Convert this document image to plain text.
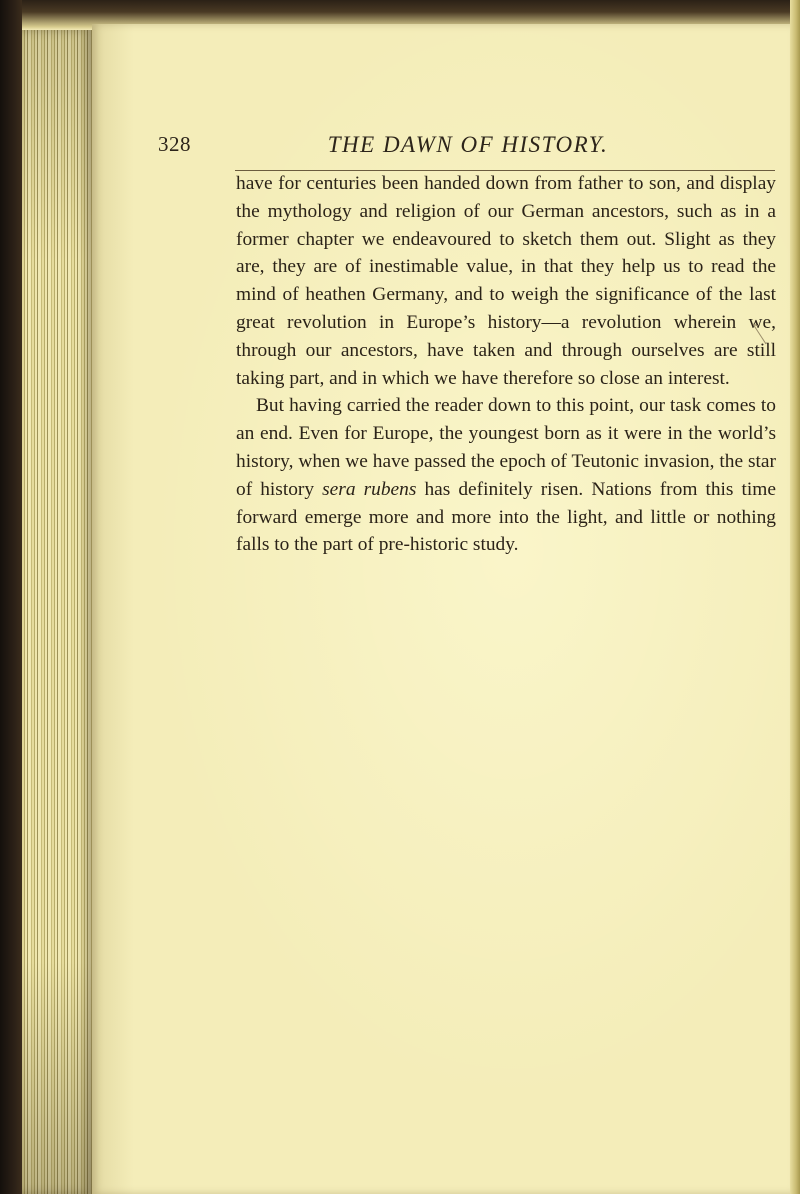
328	THE DAWN OF HISTORY.

have for centuries been handed down from father to son, and display the mythology and religion of our German ancestors, such as in a former chapter we endeavoured to sketch them out. Slight as they are, they are of inestimable value, in that they help us to read the mind of heathen Germany, and to weigh the significance of the last great revolution in Europe’s history—a revolution wherein we, through our ancestors, have taken and through ourselves are still taking part, and in which we have therefore so close an interest.

But having carried the reader down to this point, our task comes to an end. Even for Europe, the youngest born as it were in the world’s history, when we have passed the epoch of Teutonic invasion, the star of history sera rubens has definitely risen. Nations from this time forward emerge more and more into the light, and little or nothing falls to the part of pre-historic study.
